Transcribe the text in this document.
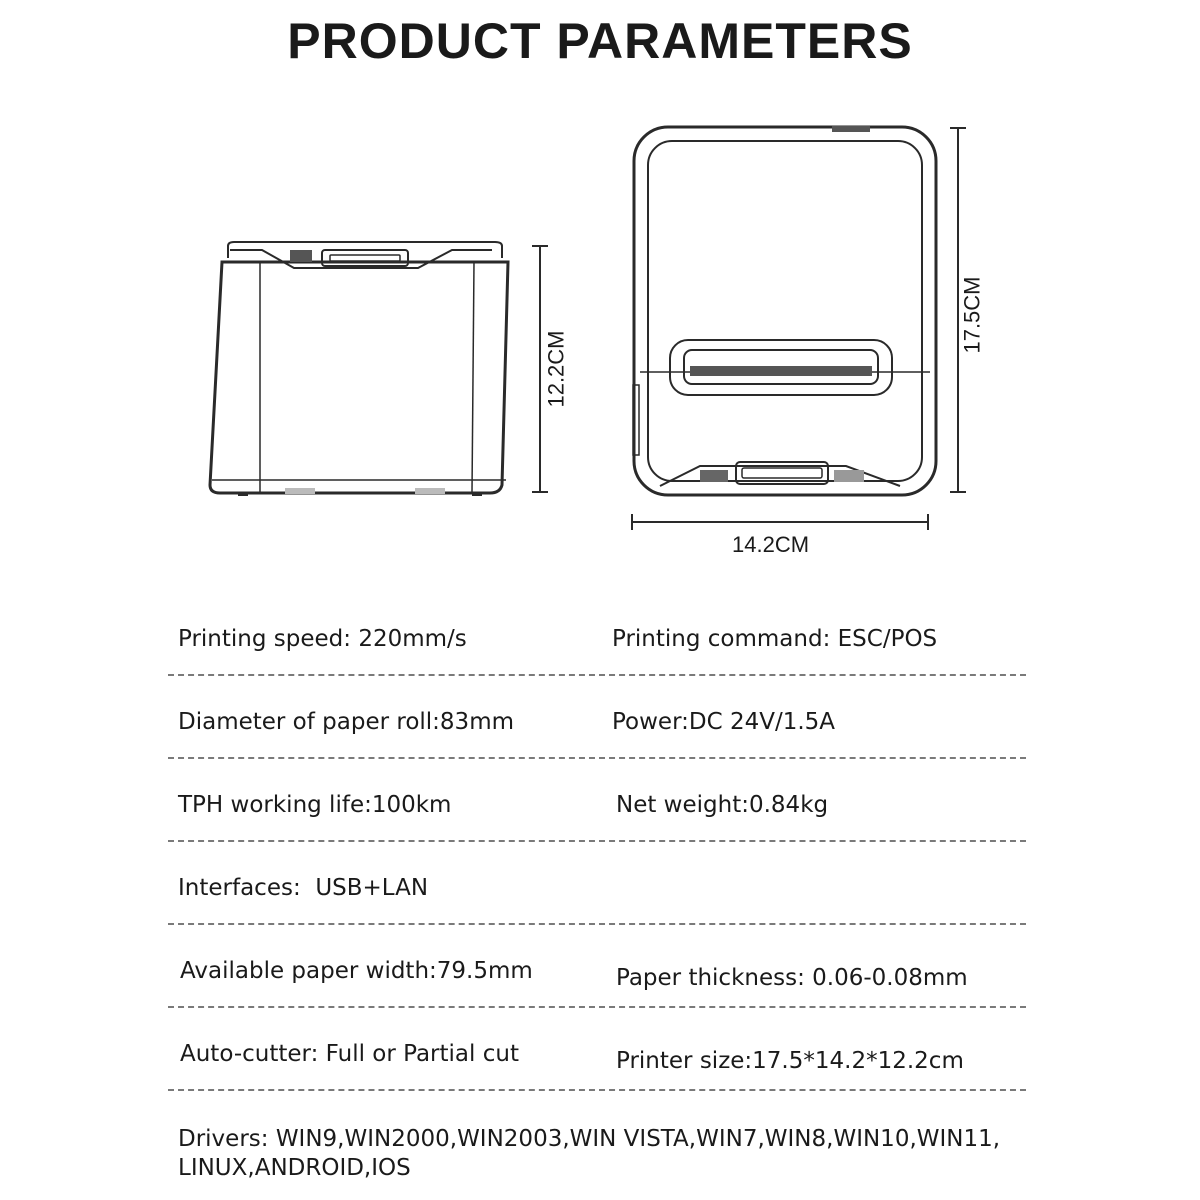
PRODUCT PARAMETERS
12.2CM
17.5CM
14.2CM
Printing speed: 220mm/s	Printing command: ESC/POS
Diameter of paper roll:83mm	Power:DC 24V/1.5A
TPH working life:100km	Net weight:0.84kg
Interfaces:  USB+LAN
Available paper width:79.5mm	Paper thickness: 0.06-0.08mm
Auto-cutter: Full or Partial cut	Printer size:17.5*14.2*12.2cm
Drivers: WIN9,WIN2000,WIN2003,WIN VISTA,WIN7,WIN8,WIN10,WIN11,
LINUX,ANDROID,IOS
